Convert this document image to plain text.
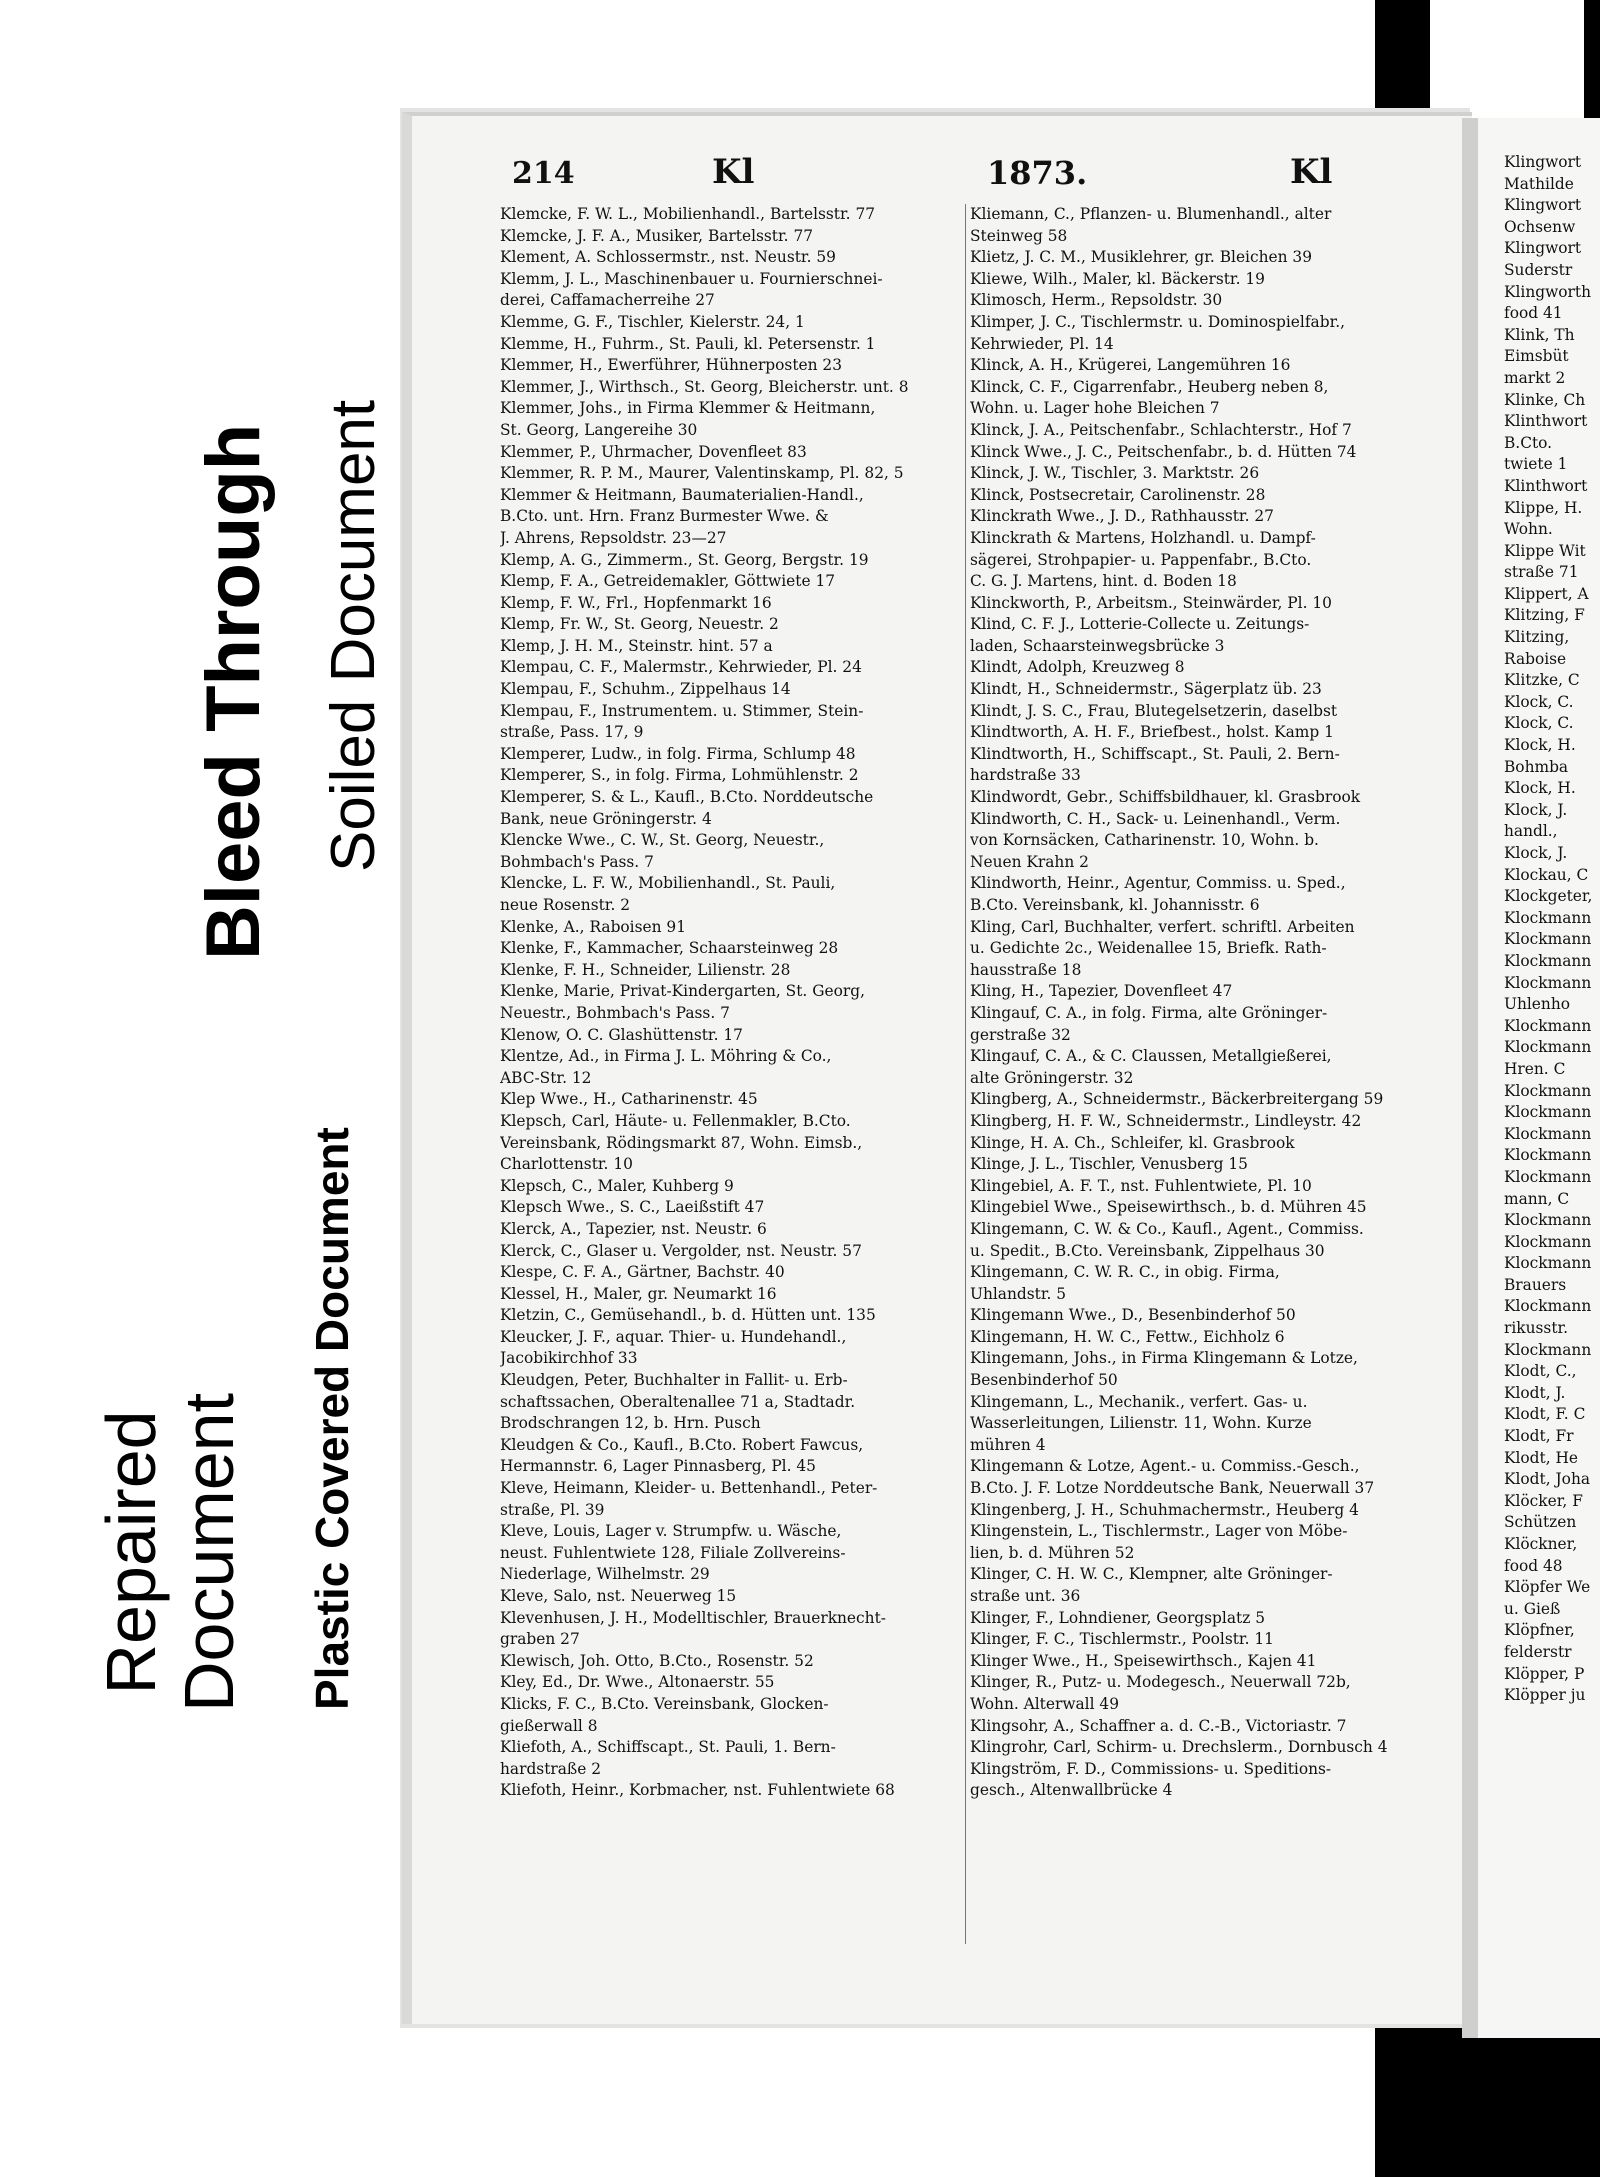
Bleed Through Soiled Document
Repaired Document Plastic Covered Document
214	Kl	1873.	Kl
Klemcke, F. W. L., Mobilienhandl., Bartelsstr. 77
Klemcke, J. F. A., Musiker, Bartelsstr. 77
Klement, A. Schlossermstr., nst. Neustr. 59
Klemm, J. L., Maschinenbauer u. Fournierschnei-
derei, Caffamacherreihe 27
Klemme, G. F., Tischler, Kielerstr. 24, 1
Klemme, H., Fuhrm., St. Pauli, kl. Petersenstr. 1
Klemmer, H., Ewerführer, Hühnerposten 23
Klemmer, J., Wirthsch., St. Georg, Bleicherstr. unt. 8
Klemmer, Johs., in Firma Klemmer & Heitmann,
St. Georg, Langereihe 30
Klemmer, P., Uhrmacher, Dovenfleet 83
Klemmer, R. P. M., Maurer, Valentinskamp, Pl. 82, 5
Klemmer & Heitmann, Baumaterialien-Handl.,
B.Cto. unt. Hrn. Franz Burmester Wwe. &
J. Ahrens, Repsoldstr. 23—27
Klemp, A. G., Zimmerm., St. Georg, Bergstr. 19
Klemp, F. A., Getreidemakler, Göttwiete 17
Klemp, F. W., Frl., Hopfenmarkt 16
Klemp, Fr. W., St. Georg, Neuestr. 2
Klemp, J. H. M., Steinstr. hint. 57 a
Klempau, C. F., Malermstr., Kehrwieder, Pl. 24
Klempau, F., Schuhm., Zippelhaus 14
Klempau, F., Instrumentem. u. Stimmer, Stein-
straße, Pass. 17, 9
Klemperer, Ludw., in folg. Firma, Schlump 48
Klemperer, S., in folg. Firma, Lohmühlenstr. 2
Klemperer, S. & L., Kaufl., B.Cto. Norddeutsche
Bank, neue Gröningerstr. 4
Klencke Wwe., C. W., St. Georg, Neuestr.,
Bohmbach's Pass. 7
Klencke, L. F. W., Mobilienhandl., St. Pauli,
neue Rosenstr. 2
Klenke, A., Raboisen 91
Klenke, F., Kammacher, Schaarsteinweg 28
Klenke, F. H., Schneider, Lilienstr. 28
Klenke, Marie, Privat-Kindergarten, St. Georg,
Neuestr., Bohmbach's Pass. 7
Klenow, O. C. Glashüttenstr. 17
Klentze, Ad., in Firma J. L. Möhring & Co.,
ABC-Str. 12
Klep Wwe., H., Catharinenstr. 45
Klepsch, Carl, Häute- u. Fellenmakler, B.Cto.
Vereinsbank, Rödingsmarkt 87, Wohn. Eimsb.,
Charlottenstr. 10
Klepsch, C., Maler, Kuhberg 9
Klepsch Wwe., S. C., Laeißstift 47
Klerck, A., Tapezier, nst. Neustr. 6
Klerck, C., Glaser u. Vergolder, nst. Neustr. 57
Klespe, C. F. A., Gärtner, Bachstr. 40
Klessel, H., Maler, gr. Neumarkt 16
Kletzin, C., Gemüsehandl., b. d. Hütten unt. 135
Kleucker, J. F., aquar. Thier- u. Hundehandl.,
Jacobikirchhof 33
Kleudgen, Peter, Buchhalter in Fallit- u. Erb-
schaftssachen, Oberaltenallee 71 a, Stadtadr.
Brodschrangen 12, b. Hrn. Pusch
Kleudgen & Co., Kaufl., B.Cto. Robert Fawcus,
Hermannstr. 6, Lager Pinnasberg, Pl. 45
Kleve, Heimann, Kleider- u. Bettenhandl., Peter-
straße, Pl. 39
Kleve, Louis, Lager v. Strumpfw. u. Wäsche,
neust. Fuhlentwiete 128, Filiale Zollvereins-
Niederlage, Wilhelmstr. 29
Kleve, Salo, nst. Neuerweg 15
Klevenhusen, J. H., Modelltischler, Brauerknecht-
graben 27
Klewisch, Joh. Otto, B.Cto., Rosenstr. 52
Kley, Ed., Dr. Wwe., Altonaerstr. 55
Klicks, F. C., B.Cto. Vereinsbank, Glocken-
gießerwall 8
Kliefoth, A., Schiffscapt., St. Pauli, 1. Bern-
hardstraße 2
Kliefoth, Heinr., Korbmacher, nst. Fuhlentwiete 68
Kliemann, C., Pflanzen- u. Blumenhandl., alter
Steinweg 58
Klietz, J. C. M., Musiklehrer, gr. Bleichen 39
Kliewe, Wilh., Maler, kl. Bäckerstr. 19
Klimosch, Herm., Repsoldstr. 30
Klimper, J. C., Tischlermstr. u. Dominospielfabr.,
Kehrwieder, Pl. 14
Klinck, A. H., Krügerei, Langemühren 16
Klinck, C. F., Cigarrenfabr., Heuberg neben 8,
Wohn. u. Lager hohe Bleichen 7
Klinck, J. A., Peitschenfabr., Schlachterstr., Hof 7
Klinck Wwe., J. C., Peitschenfabr., b. d. Hütten 74
Klinck, J. W., Tischler, 3. Marktstr. 26
Klinck, Postsecretair, Carolinenstr. 28
Klinckrath Wwe., J. D., Rathhausstr. 27
Klinckrath & Martens, Holzhandl. u. Dampf-
sägerei, Strohpapier- u. Pappenfabr., B.Cto.
C. G. J. Martens, hint. d. Boden 18
Klinckworth, P., Arbeitsm., Steinwärder, Pl. 10
Klind, C. F. J., Lotterie-Collecte u. Zeitungs-
laden, Schaarsteinwegsbrücke 3
Klindt, Adolph, Kreuzweg 8
Klindt, H., Schneidermstr., Sägerplatz üb. 23
Klindt, J. S. C., Frau, Blutegelsetzerin, daselbst
Klindtworth, A. H. F., Briefbest., holst. Kamp 1
Klindtworth, H., Schiffscapt., St. Pauli, 2. Bern-
hardstraße 33
Klindwordt, Gebr., Schiffsbildhauer, kl. Grasbrook
Klindworth, C. H., Sack- u. Leinenhandl., Verm.
von Kornsäcken, Catharinenstr. 10, Wohn. b.
Neuen Krahn 2
Klindworth, Heinr., Agentur, Commiss. u. Sped.,
B.Cto. Vereinsbank, kl. Johannisstr. 6
Kling, Carl, Buchhalter, verfert. schriftl. Arbeiten
u. Gedichte 2c., Weidenallee 15, Briefk. Rath-
hausstraße 18
Kling, H., Tapezier, Dovenfleet 47
Klingauf, C. A., in folg. Firma, alte Gröninger-
gerstraße 32
Klingauf, C. A., & C. Claussen, Metallgießerei,
alte Gröningerstr. 32
Klingberg, A., Schneidermstr., Bäckerbreitergang 59
Klingberg, H. F. W., Schneidermstr., Lindleystr. 42
Klinge, H. A. Ch., Schleifer, kl. Grasbrook
Klinge, J. L., Tischler, Venusberg 15
Klingebiel, A. F. T., nst. Fuhlentwiete, Pl. 10
Klingebiel Wwe., Speisewirthsch., b. d. Mühren 45
Klingemann, C. W. & Co., Kaufl., Agent., Commiss.
u. Spedit., B.Cto. Vereinsbank, Zippelhaus 30
Klingemann, C. W. R. C., in obig. Firma,
Uhlandstr. 5
Klingemann Wwe., D., Besenbinderhof 50
Klingemann, H. W. C., Fettw., Eichholz 6
Klingemann, Johs., in Firma Klingemann & Lotze,
Besenbinderhof 50
Klingemann, L., Mechanik., verfert. Gas- u.
Wasserleitungen, Lilienstr. 11, Wohn. Kurze
mühren 4
Klingemann & Lotze, Agent.- u. Commiss.-Gesch.,
B.Cto. J. F. Lotze Norddeutsche Bank, Neuerwall 37
Klingenberg, J. H., Schuhmachermstr., Heuberg 4
Klingenstein, L., Tischlermstr., Lager von Möbe-
lien, b. d. Mühren 52
Klinger, C. H. W. C., Klempner, alte Gröninger-
straße unt. 36
Klinger, F., Lohndiener, Georgsplatz 5
Klinger, F. C., Tischlermstr., Poolstr. 11
Klinger Wwe., H., Speisewirthsch., Kajen 41
Klinger, R., Putz- u. Modegesch., Neuerwall 72b,
Wohn. Alterwall 49
Klingsohr, A., Schaffner a. d. C.-B., Victoriastr. 7
Klingrohr, Carl, Schirm- u. Drechslerm., Dornbusch 4
Klingström, F. D., Commissions- u. Speditions-
gesch., Altenwallbrücke 4
Klingwort
Mathilde
Klingwort
Ochsenw
Klingwort
Suderstr
Klingworth
food 41
Klink, Th
Eimsbüt
markt 2
Klinke, Ch
Klinthwort
B.Cto.
twiete 1
Klinthwort
Klippe, H.
Wohn.
Klippe Wit
straße 71
Klippert, A
Klitzing, F
Klitzing,
Raboise
Klitzke, C
Klock, C.
Klock, C.
Klock, H.
Bohmba
Klock, H.
Klock, J.
handl.,
Klock, J.
Klockau, C
Klockgeter,
Klockmann
Klockmann
Klockmann
Klockmann
Uhlenho
Klockmann
Klockmann
Hren. C
Klockmann
Klockmann
Klockmann
Klockmann
Klockmann
mann, C
Klockmann
Klockmann
Klockmann
Brauers
Klockmann
rikusstr.
Klockmann
Klodt, C.,
Klodt, J.
Klodt, F. C
Klodt, Fr
Klodt, He
Klodt, Joha
Klöcker, F
Schützen
Klöckner,
food 48
Klöpfer We
u. Gieß
Klöpfner,
felderstr
Klöpper, P
Klöpper ju
